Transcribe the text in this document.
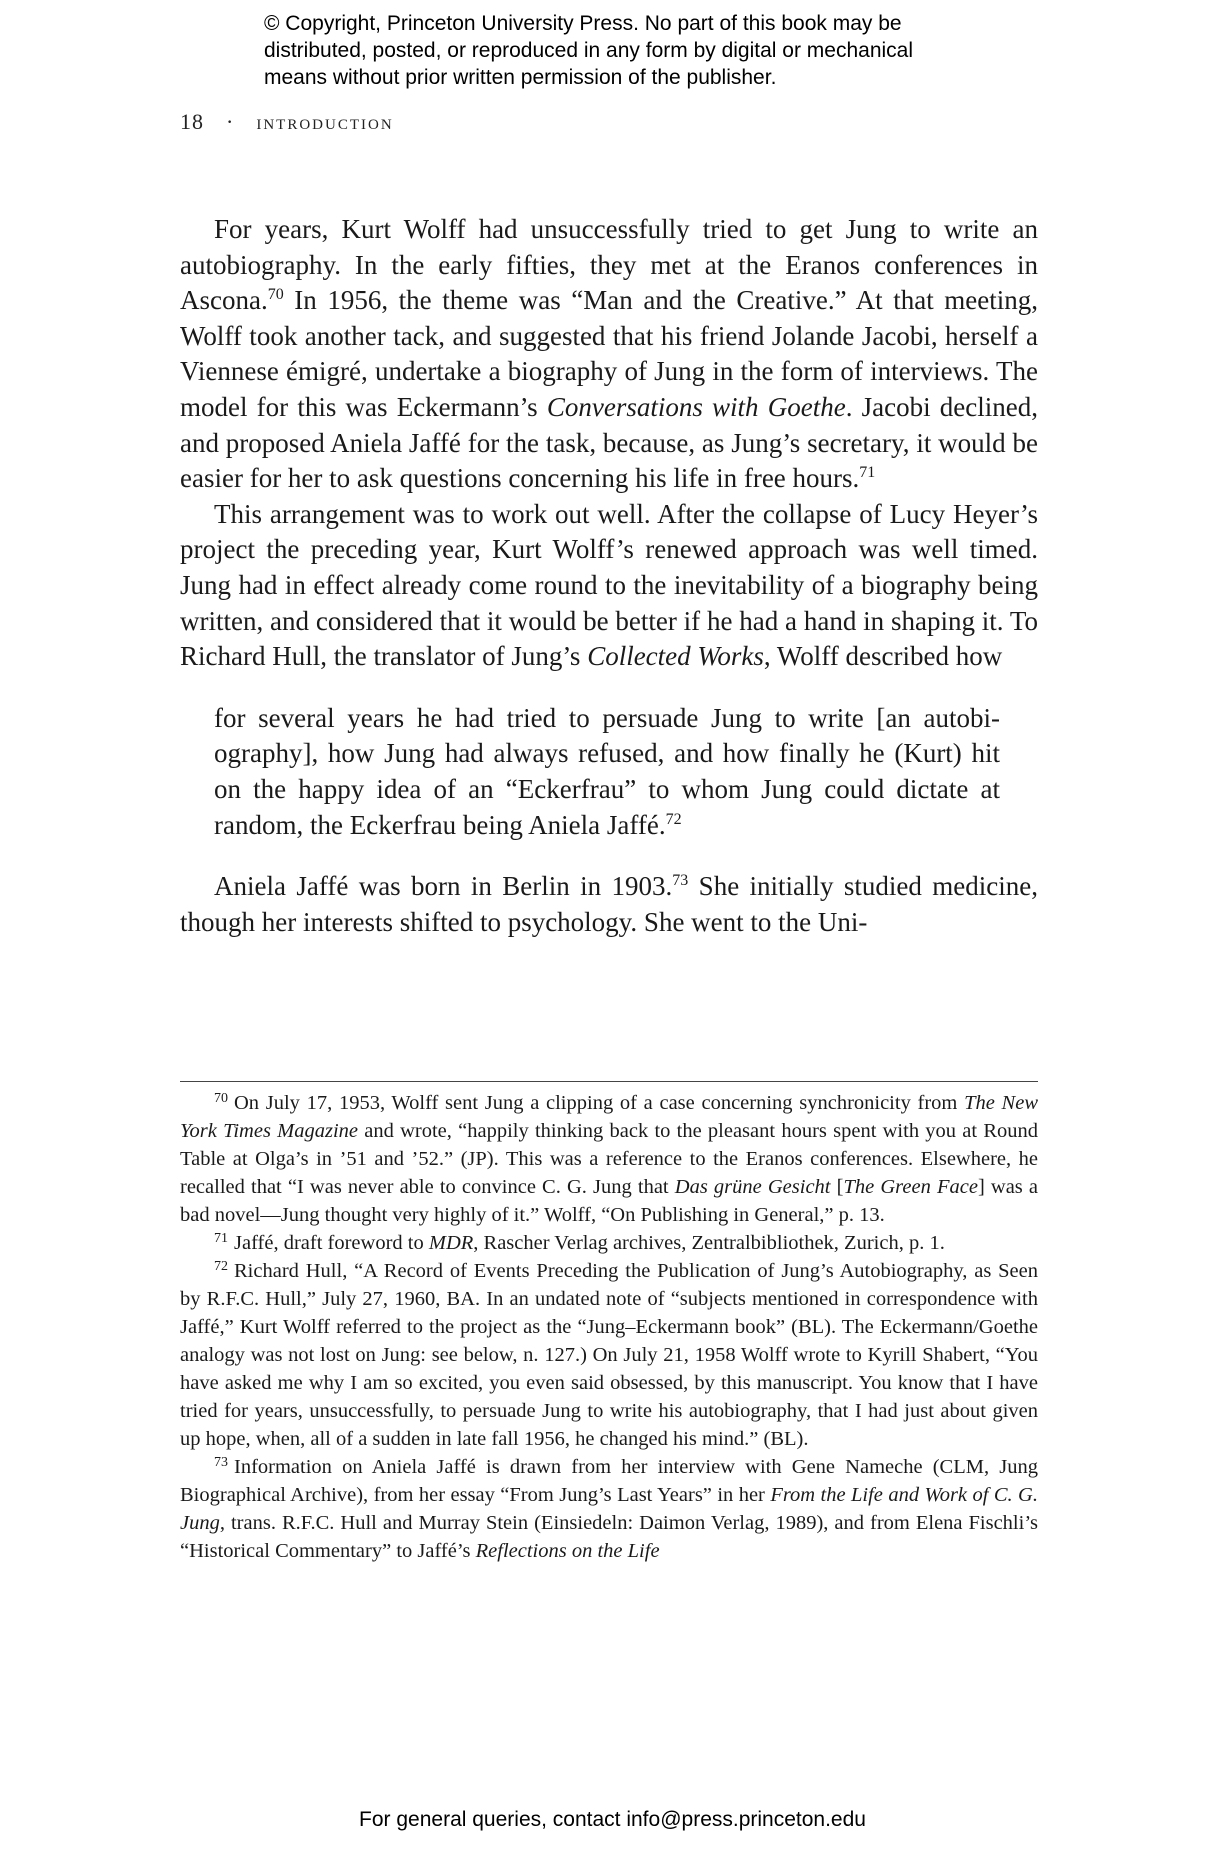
© Copyright, Princeton University Press. No part of this book may be
distributed, posted, or reproduced in any form by digital or mechanical
means without prior written permission of the publisher.
18 · introduction

For years, Kurt Wolff had unsuccessfully tried to get Jung to write an autobiography. In the early fifties, they met at the Eranos conferences in Ascona.$^{70}$ In 1956, the theme was “Man and the Creative.” At that meeting, Wolff took another tack, and suggested that his friend Jolande Jacobi, herself a Viennese émigré, undertake a biography of Jung in the form of interviews. The model for this was Eckermann’s Conversations with Goethe. Jacobi declined, and proposed Aniela Jaffé for the task, because, as Jung’s secretary, it would be easier for her to ask questions concerning his life in free hours.$^{71}$

This arrangement was to work out well. After the collapse of Lucy Heyer’s project the preceding year, Kurt Wolff’s renewed approach was well timed. Jung had in effect already come round to the inevitability of a biography being written, and considered that it would be better if he had a hand in shaping it. To Richard Hull, the translator of Jung’s Collected Works, Wolff described how

for several years he had tried to persuade Jung to write [an autobiography], how Jung had always refused, and how finally he (Kurt) hit on the happy idea of an “Eckerfrau” to whom Jung could dictate at random, the Eckerfrau being Aniela Jaffé.$^{72}$

Aniela Jaffé was born in Berlin in 1903.73 She initially studied medicine, though her interests shifted to psychology. She went to the Uni-

$^{70}$ On July 17, 1953, Wolff sent Jung a clipping of a case concerning synchronicity from The New York Times Magazine and wrote, “happily thinking back to the pleasant hours spent with you at Round Table at Olga’s in ’51 and ’52.” (JP). This was a reference to the Eranos conferences. Elsewhere, he recalled that “I was never able to convince C. G. Jung that Das grüne Gesicht [The Green Face] was a bad novel—Jung thought very highly of it.” Wolff, “On Publishing in General,” p. 13.

$^{71}$ Jaffé, draft foreword to MDR, Rascher Verlag archives, Zentralbibliothek, Zurich, p. 1.

$^{72}$ Richard Hull, “A Record of Events Preceding the Publication of Jung’s Autobiography, as Seen by R.F.C. Hull,” July 27, 1960, BA. In an undated note of “subjects mentioned in correspondence with Jaffé,” Kurt Wolff referred to the project as the “Jung–Eckermann book” (BL). The Eckermann/Goethe analogy was not lost on Jung: see below, n. 127.) On July 21, 1958 Wolff wrote to Kyrill Shabert, “You have asked me why I am so excited, you even said obsessed, by this manuscript. You know that I have tried for years, unsuccessfully, to persuade Jung to write his autobiography, that I had just about given up hope, when, all of a sudden in late fall 1956, he changed his mind.” (BL).

$^{73}$ Information on Aniela Jaffé is drawn from her interview with Gene Nameche (CLM, Jung Biographical Archive), from her essay “From Jung’s Last Years” in her From the Life and Work of C. G. Jung, trans. R.F.C. Hull and Murray Stein (Einsiedeln: Daimon Verlag, 1989), and from Elena Fischli’s “Historical Commentary” to Jaffé’s Reflections on the Life

For general queries, contact info@press.princeton.edu
